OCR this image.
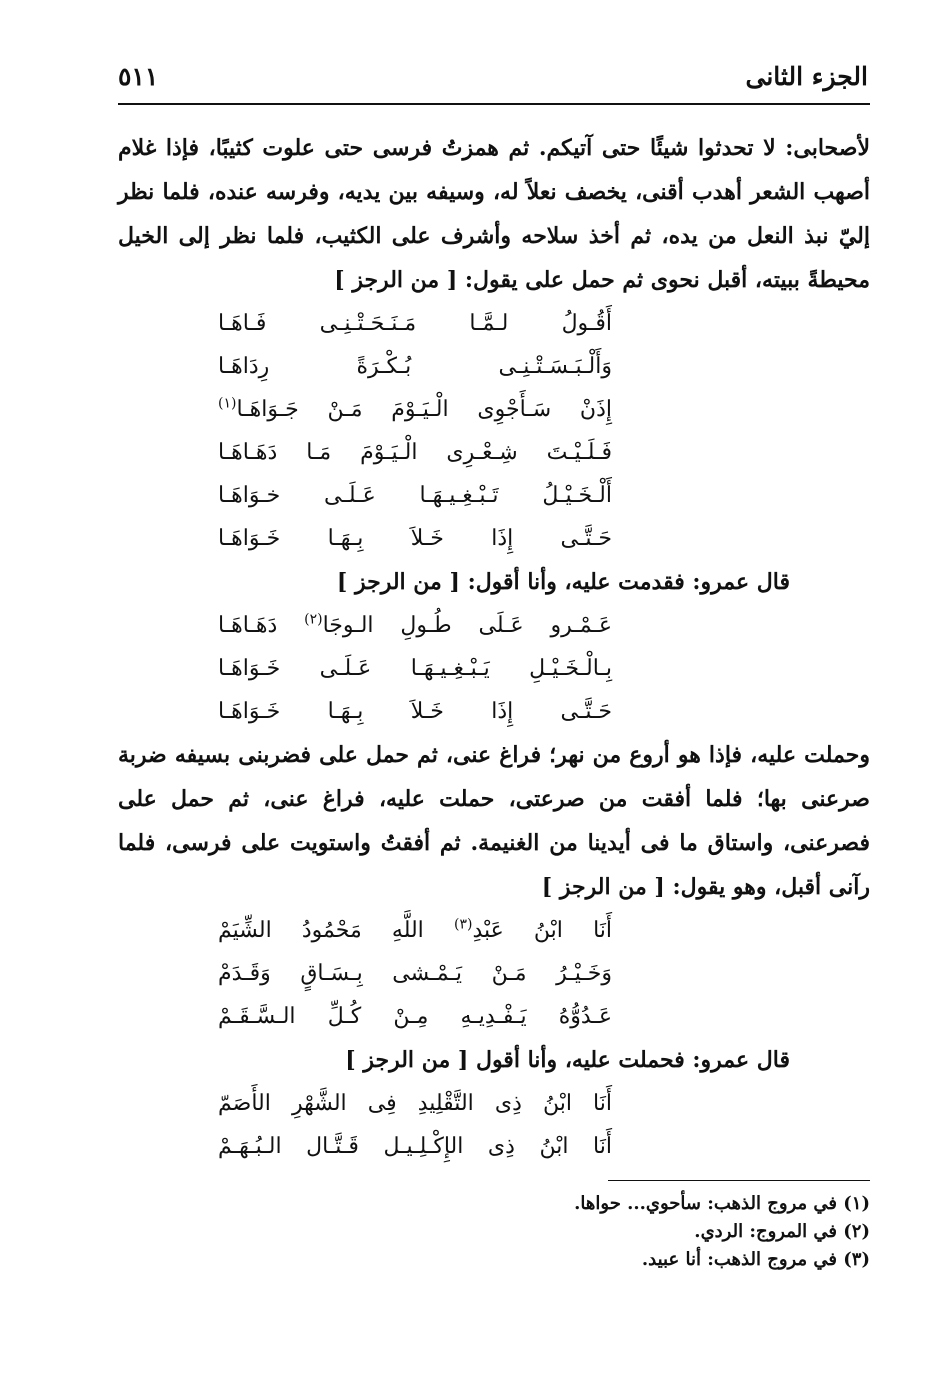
الجزء الثانى
٥١١

لأصحابى: لا تحدثوا شيئًا حتى آتيكم. ثم همزتُ فرسى حتى علوت كثيبًا، فإذا غلام أصهب الشعر أهدب أقنى، يخصف نعلاً له، وسيفه بين يديه، وفرسه عنده، فلما نظر إليّ نبذ النعل من يده، ثم أخذ سلاحه وأشرف على الكثيب، فلما نظر إلى الخيل محيطةً ببيته، أقبل نحوى ثم حمل على يقول: [ من الرجز ]

أَقُـولُ لـمَّـا مَـنَـحَـتْـنِـى فَـاهَـا

وَأَلْـبَـسَـتْـنِـى بُـكْـرَةً رِدَاهَـا

إِذَنْ سَـأَجْوِى الْـيَـوْمَ مَـنْ جَـوَاهَـا$^{(١)}$

فَـلَـيْـتَ شِـعْـرِى الْـيَـوْمَ مَـا دَهَـاهَـا

أَلْـخَـيْـلُ تَـبْـغِـيـهَـا عَـلَـى خـوَاهَـا

حَـتَّـى إِذَا خَـلاَ بِـهَـا خَـوَاهَـا

قال عمرو: فقدمت عليه، وأنا أقول: [ من الرجز ]

عَـمْـرو عَـلَى طُـولِ الـوجَا$^{(٢)}$ دَهَـاهَـا

بِـالْـخَـيْـلِ يَـبْـغِـيـهَـا عَـلَـى خَـوَاهَـا

حَـتَّـى إِذَا خَـلاَ بِـهَـا خَـوَاهَـا

وحملت عليه، فإذا هو أروع من نهر؛ فراغ عنى، ثم حمل على فضربنى بسيفه ضربة صرعنى بها؛ فلما أفقت من صرعتى، حملت عليه، فراغ عنى، ثم حمل على فصرعنى، واستاق ما فى أيدينا من الغنيمة. ثم أفقتُ واستويت على فرسى، فلما رآنى أقبل، وهو يقول: [ من الرجز ]

أَنَا ابْنُ عَبْدِ$^{(٣)}$ اللَّهِ مَحْمُودُ الشِّيَمْ

وَخَـيْـرُ مَـنْ يَـمْـشى بِـسَـاقٍ وَقَـدَمْ

عَـدُوُّهُ يَـفْـدِيـهِ مِـنْ كُـلِّ الـسَّـقَـمْ

قال عمرو: فحملت عليه، وأنا أقول [ من الرجز ]

أَنَا ابْنُ ذِى التَّقْلِيدِ فِى الشَّهْرِ الأَصَمّ

أَنَا ابْنُ ذِى الإِكْـلِـيـل قَـتَّـال الـبُـهَـمْ

(١) في مروج الذهب: سأحوي... حواها.

(٢) في المروج: الردي.

(٣) في مروج الذهب: أنا عبيد.
